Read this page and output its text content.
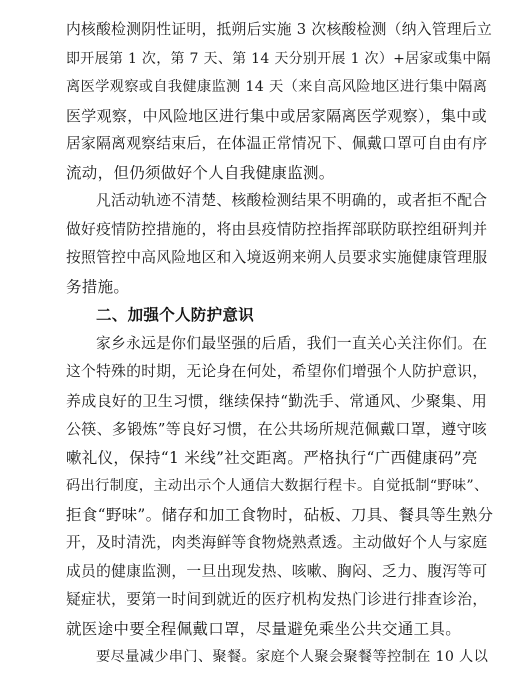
内核酸检测阴性证明，抵朔后实施 3 次核酸检测（纳入管理后立
即开展第 1 次，第 7 天、第 14 天分别开展 1 次）+居家或集中隔
离医学观察或自我健康监测 14 天（来自高风险地区进行集中隔离
医学观察，中风险地区进行集中或居家隔离医学观察），集中或
居家隔离观察结束后，在体温正常情况下、佩戴口罩可自由有序
流动，但仍须做好个人自我健康监测。
凡活动轨迹不清楚、核酸检测结果不明确的，或者拒不配合
做好疫情防控措施的，将由县疫情防控指挥部联防联控组研判并
按照管控中高风险地区和入境返朔来朔人员要求实施健康管理服
务措施。
二、加强个人防护意识
家乡永远是你们最坚强的后盾，我们一直关心关注你们。在
这个特殊的时期，无论身在何处，希望你们增强个人防护意识，
养成良好的卫生习惯，继续保持“勤洗手、常通风、少聚集、用
公筷、多锻炼”等良好习惯，在公共场所规范佩戴口罩，遵守咳
嗽礼仪，保持“1 米线”社交距离。严格执行“广西健康码”亮
码出行制度，主动出示个人通信大数据行程卡。自觉抵制“野味”、
拒食“野味”。储存和加工食物时，砧板、刀具、餐具等生熟分
开，及时清洗，肉类海鲜等食物烧熟煮透。主动做好个人与家庭
成员的健康监测，一旦出现发热、咳嗽、胸闷、乏力、腹泻等可
疑症状，要第一时间到就近的医疗机构发热门诊进行排查诊治，
就医途中要全程佩戴口罩，尽量避免乘坐公共交通工具。
要尽量减少串门、聚餐。家庭个人聚会聚餐等控制在 10 人以
